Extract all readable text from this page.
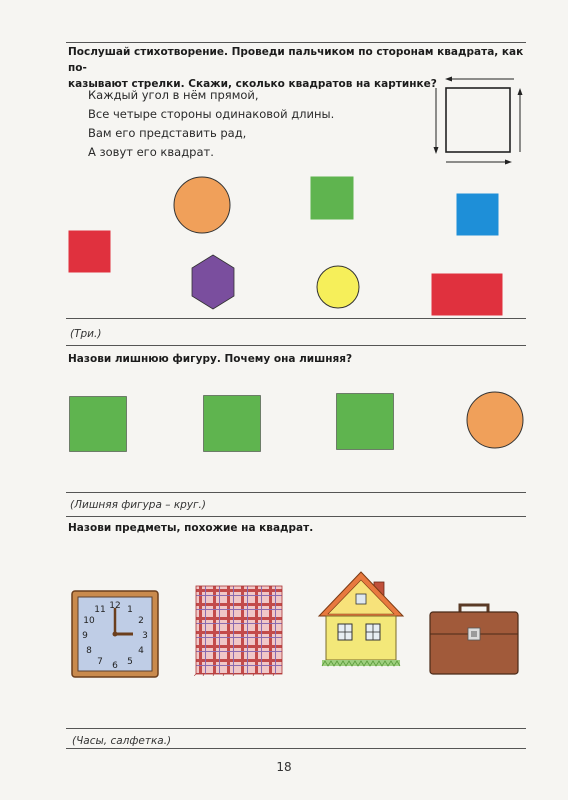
Послушай стихотворение. Проведи пальчиком по сторонам квадрата, как по-
казывают стрелки. Скажи, сколько квадратов на картинке?
Каждый угол в нём прямой,
Все четыре стороны одинаковой длины.
Вам его представить рад,
А зовут его квадрат.
(Три.)
Назови лишнюю фигуру. Почему она лишняя?
(Лишняя фигура – круг.)
Назови предметы, похожие на квадрат.
12 1
2
3
4
5
6
7
8
9
10
11
(Часы, салфетка.)
18
